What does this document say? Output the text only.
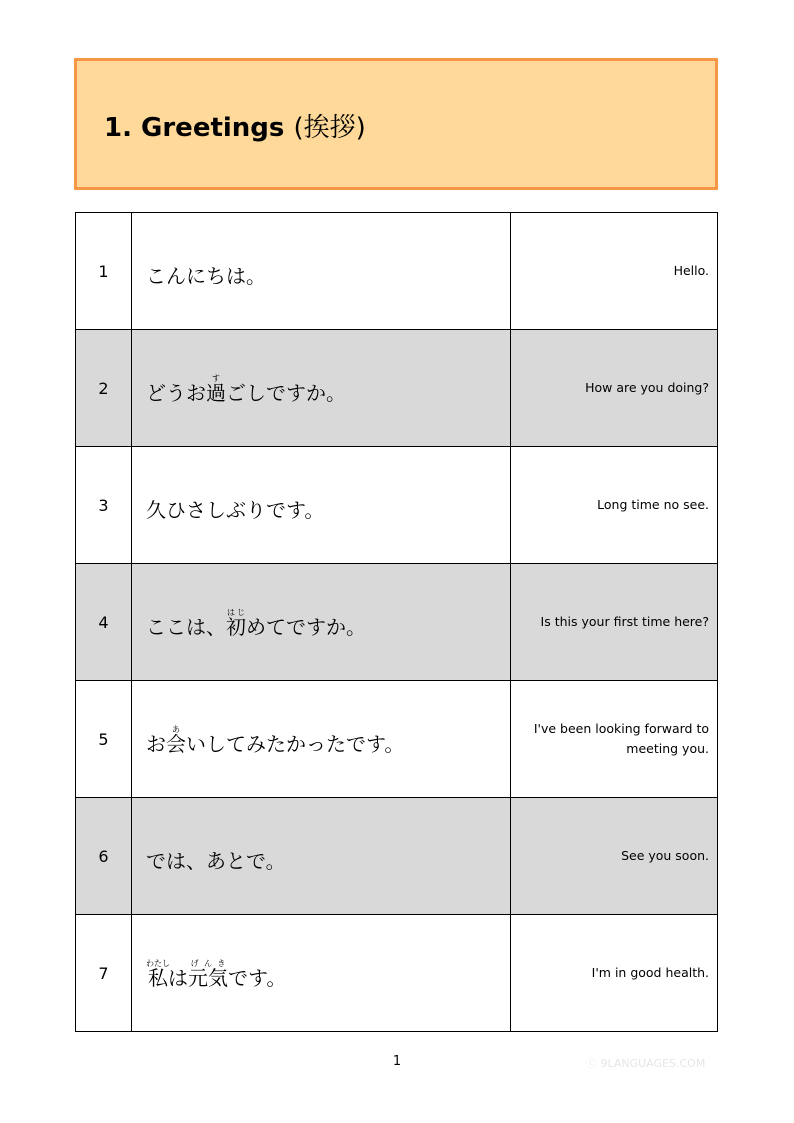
1. Greetings (挨拶)
1	こんにちは。	Hello.
2	どうお過すごしですか。	How are you doing?
3	久ひさしぶりです。	Long time no see.
4	ここは、初はじめてですか。	Is this your first time here?
5	お会あいしてみたかったです。	I've been looking forward to meeting you.
6	では、あとで。	See you soon.
7	私わたしは元気げんきです。	I'm in good health.
1	ⓒ 9LANGUAGES.COM
